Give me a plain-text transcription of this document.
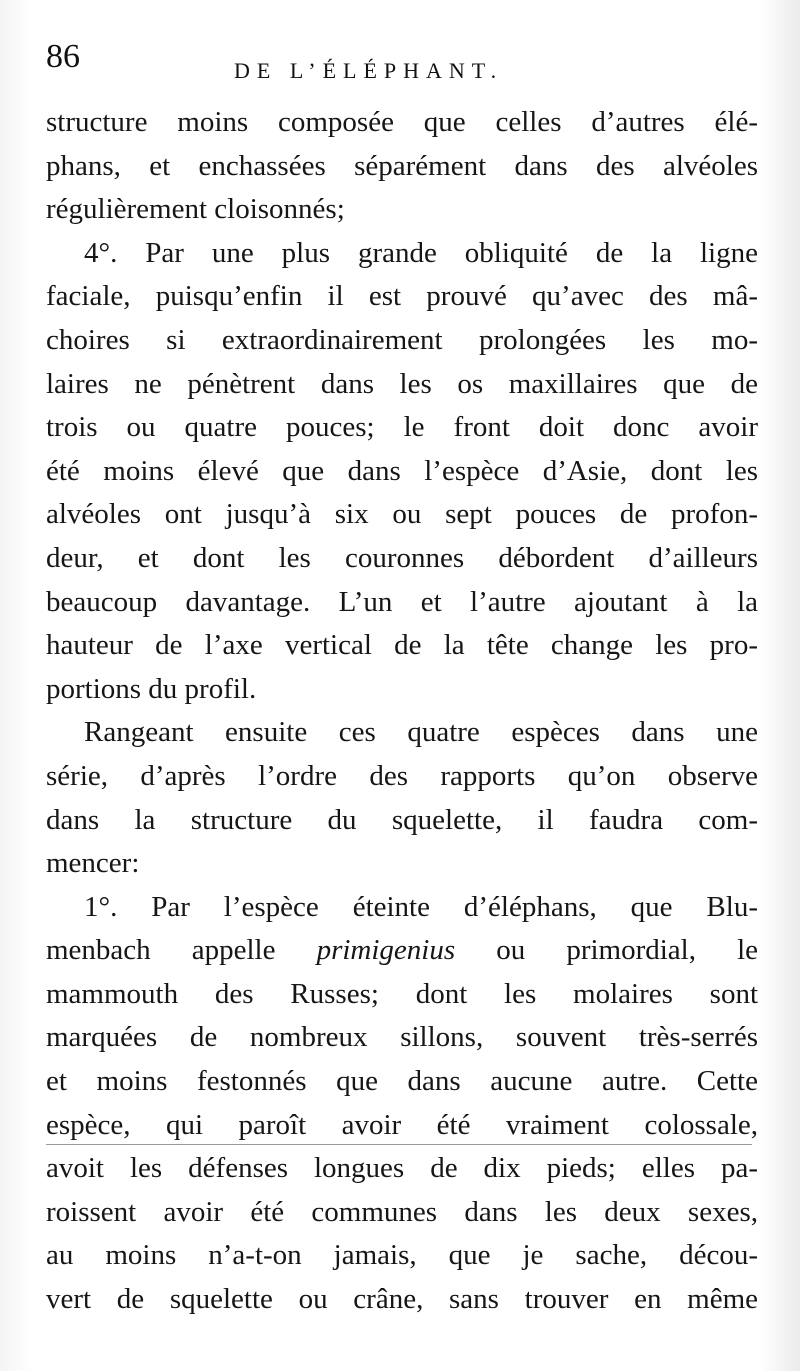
86	DE L’ÉLÉPHANT.
structure moins composée que celles d’autres élé-
phans, et enchassées séparément dans des alvéoles
régulièrement cloisonnés;
4°. Par une plus grande obliquité de la ligne
faciale, puisqu’enfin il est prouvé qu’avec des mâ-
choires si extraordinairement prolongées les mo-
laires ne pénètrent dans les os maxillaires que de
trois ou quatre pouces; le front doit donc avoir
été moins élevé que dans l’espèce d’Asie, dont les
alvéoles ont jusqu’à six ou sept pouces de profon-
deur, et dont les couronnes débordent d’ailleurs
beaucoup davantage. L’un et l’autre ajoutant à la
hauteur de l’axe vertical de la tête change les pro-
portions du profil.
Rangeant ensuite ces quatre espèces dans une
série, d’après l’ordre des rapports qu’on observe
dans la structure du squelette, il faudra com-
mencer:
1°. Par l’espèce éteinte d’éléphans, que Blu-
menbach appelle primigenius ou primordial, le
mammouth des Russes; dont les molaires sont
marquées de nombreux sillons, souvent très-serrés
et moins festonnés que dans aucune autre. Cette
espèce, qui paroît avoir été vraiment colossale,
avoit les défenses longues de dix pieds; elles pa-
roissent avoir été communes dans les deux sexes,
au moins n’a-t-on jamais, que je sache, décou-
vert de squelette ou crâne, sans trouver en même
